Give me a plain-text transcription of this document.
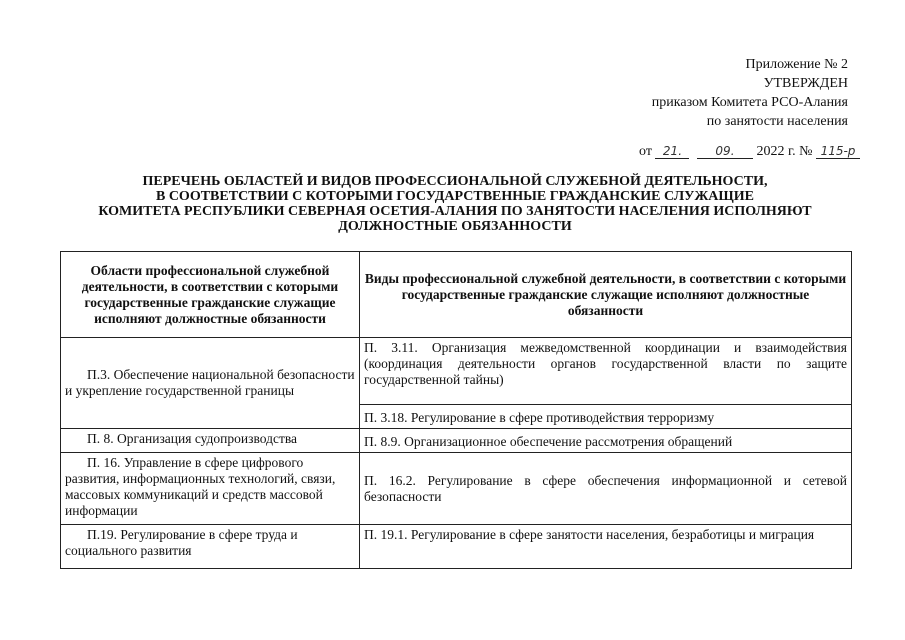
Приложение № 2
УТВЕРЖДЕН
приказом Комитета РСО-Алания
по занятости населения
от 21.	09. 2022 г. № 115-р
ПЕРЕЧЕНЬ ОБЛАСТЕЙ И ВИДОВ ПРОФЕССИОНАЛЬНОЙ СЛУЖЕБНОЙ ДЕЯТЕЛЬНОСТИ,
В СООТВЕТСТВИИ С КОТОРЫМИ ГОСУДАРСТВЕННЫЕ ГРАЖДАНСКИЕ СЛУЖАЩИЕ
КОМИТЕТА РЕСПУБЛИКИ СЕВЕРНАЯ ОСЕТИЯ-АЛАНИЯ ПО ЗАНЯТОСТИ НАСЕЛЕНИЯ ИСПОЛНЯЮТ
ДОЛЖНОСТНЫЕ ОБЯЗАННОСТИ
Области профессиональной служебной деятельности, в соответствии с которыми государственные гражданские служащие исполняют должностные обязанности	Виды профессиональной служебной деятельности, в соответствии с которыми государственные гражданские служащие исполняют должностные обязанности
П.3. Обеспечение национальной безопасности и укрепление государственной границы	П. 3.11. Организация межведомственной координации и взаимодействия (координация деятельности органов государственной власти по защите государственной тайны)
	П. 3.18. Регулирование в сфере противодействия терроризму
П. 8. Организация судопроизводства	П. 8.9. Организационное обеспечение рассмотрения обращений
П. 16. Управление в сфере цифрового развития, информационных технологий, связи, массовых коммуникаций и средств массовой информации	П. 16.2. Регулирование в сфере обеспечения информационной и сетевой безопасности
П.19. Регулирование в сфере труда и социального развития	П. 19.1. Регулирование в сфере занятости населения, безработицы и миграция
